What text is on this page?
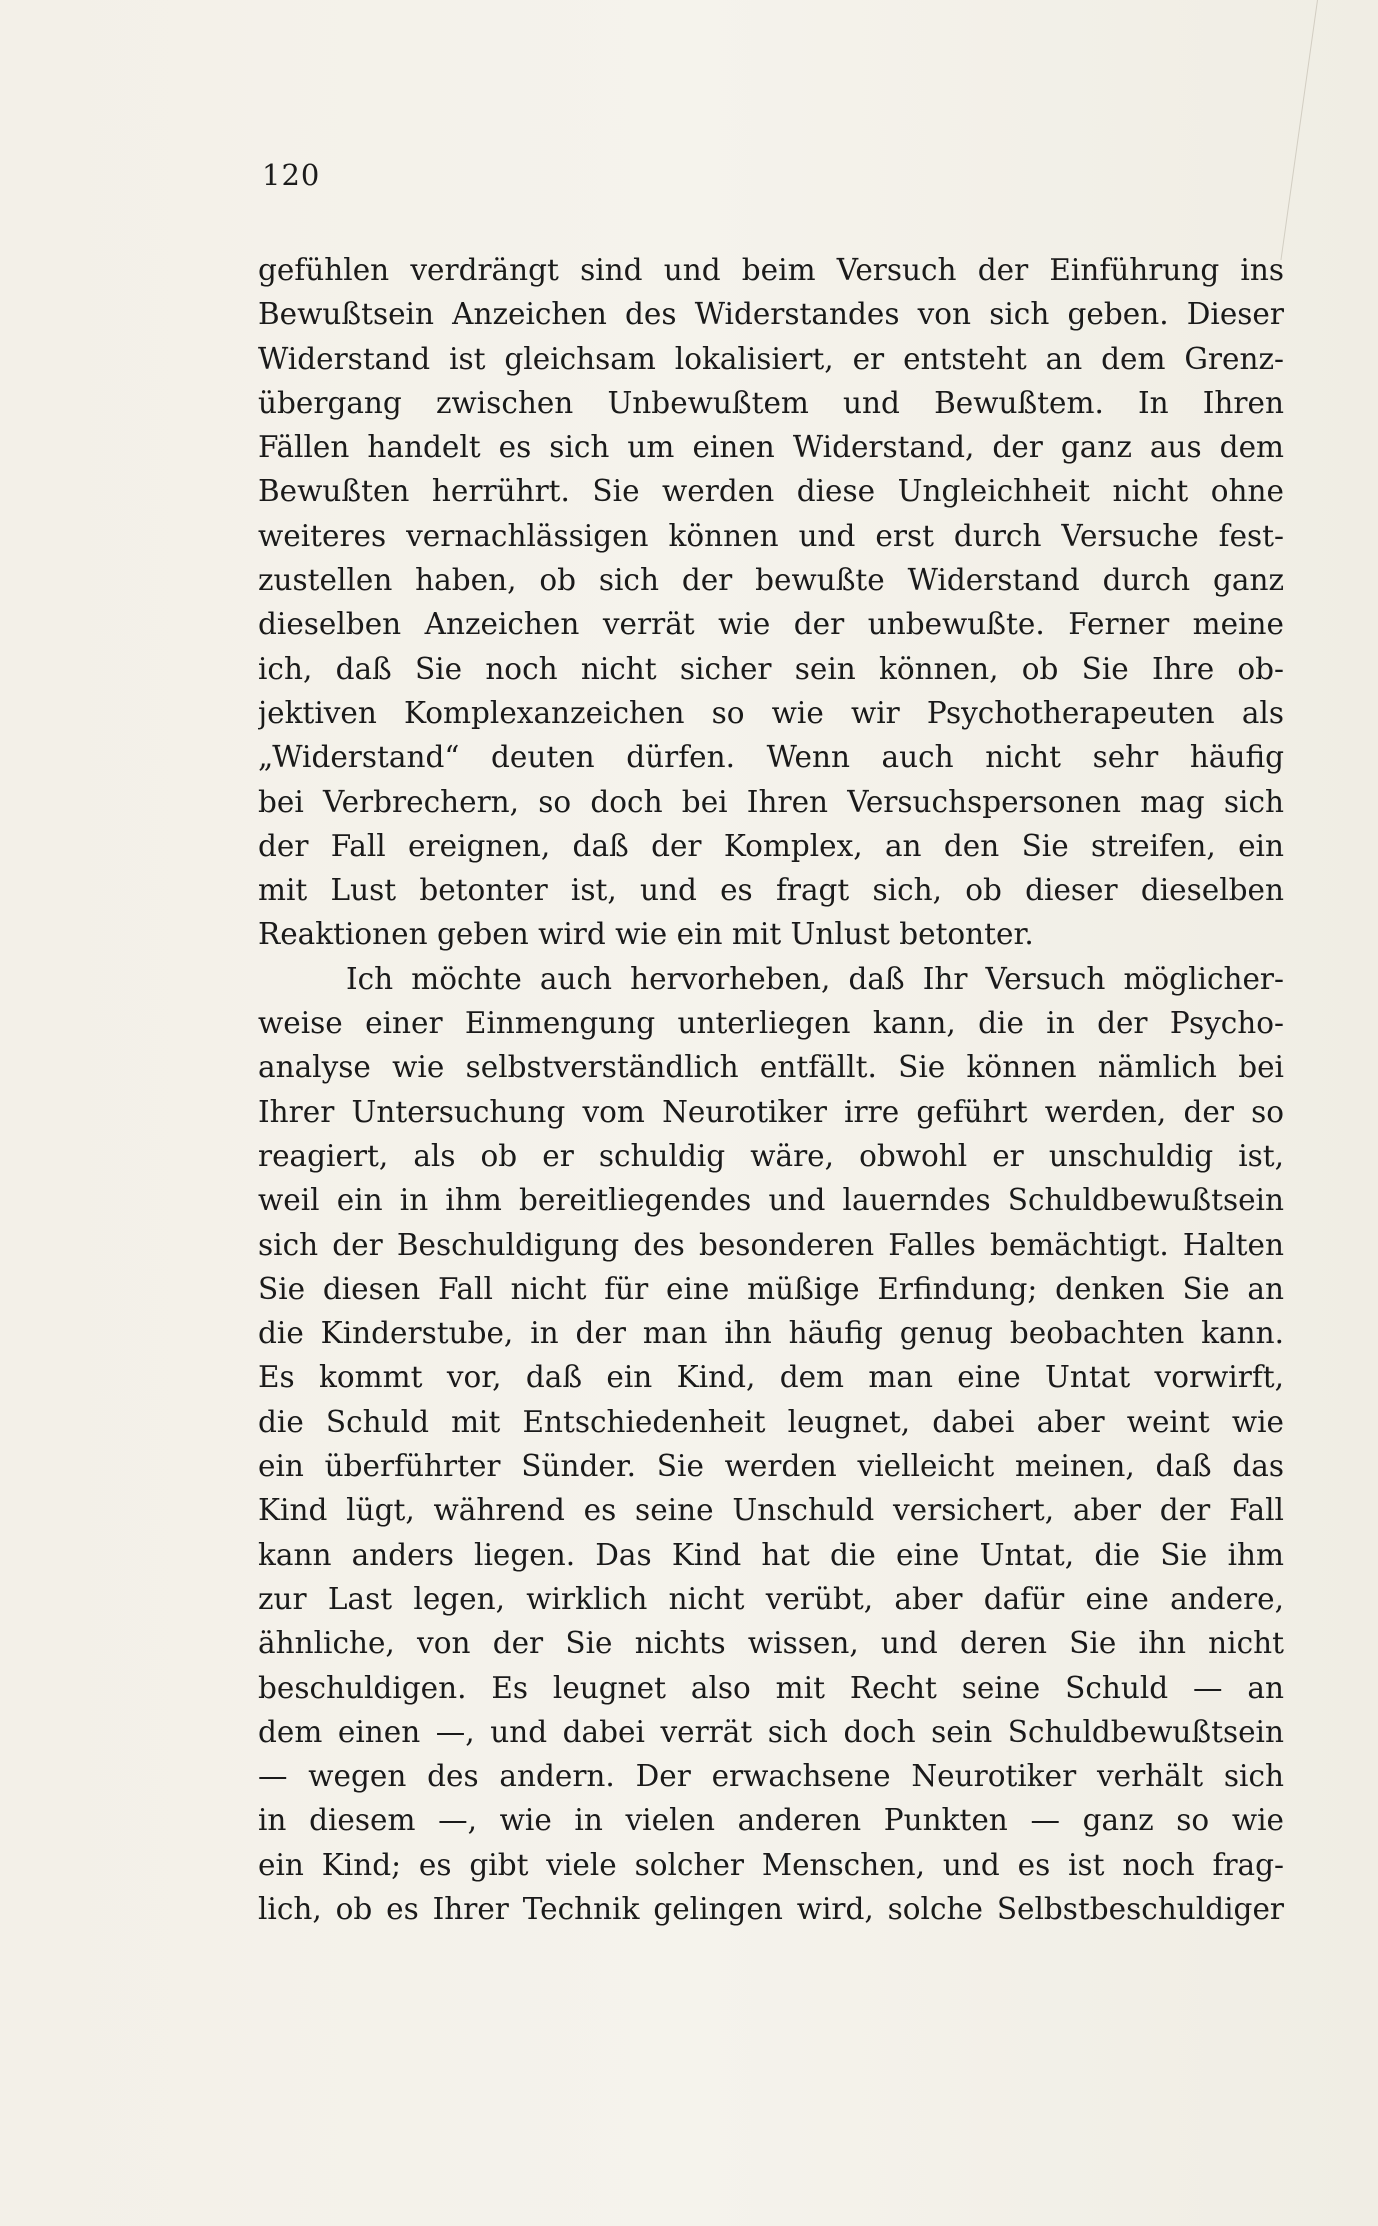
120
gefühlen verdrängt sind und beim Versuch der Einführung ins
Bewußtsein Anzeichen des Widerstandes von sich geben. Dieser
Widerstand ist gleichsam lokalisiert, er entsteht an dem Grenz-
übergang zwischen Unbewußtem und Bewußtem. In Ihren
Fällen handelt es sich um einen Widerstand, der ganz aus dem
Bewußten herrührt. Sie werden diese Ungleichheit nicht ohne
weiteres vernachlässigen können und erst durch Versuche fest-
zustellen haben, ob sich der bewußte Widerstand durch ganz
dieselben Anzeichen verrät wie der unbewußte. Ferner meine
ich, daß Sie noch nicht sicher sein können, ob Sie Ihre ob-
jektiven Komplexanzeichen so wie wir Psychotherapeuten als
„Widerstand“ deuten dürfen. Wenn auch nicht sehr häufig
bei Verbrechern, so doch bei Ihren Versuchspersonen mag sich
der Fall ereignen, daß der Komplex, an den Sie streifen, ein
mit Lust betonter ist, und es fragt sich, ob dieser dieselben
Reaktionen geben wird wie ein mit Unlust betonter.
Ich möchte auch hervorheben, daß Ihr Versuch möglicher-
weise einer Einmengung unterliegen kann, die in der Psycho-
analyse wie selbstverständlich entfällt. Sie können nämlich bei
Ihrer Untersuchung vom Neurotiker irre geführt werden, der so
reagiert, als ob er schuldig wäre, obwohl er unschuldig ist,
weil ein in ihm bereitliegendes und lauerndes Schuldbewußtsein
sich der Beschuldigung des besonderen Falles bemächtigt. Halten
Sie diesen Fall nicht für eine müßige Erfindung; denken Sie an
die Kinderstube, in der man ihn häufig genug beobachten kann.
Es kommt vor, daß ein Kind, dem man eine Untat vorwirft,
die Schuld mit Entschiedenheit leugnet, dabei aber weint wie
ein überführter Sünder. Sie werden vielleicht meinen, daß das
Kind lügt, während es seine Unschuld versichert, aber der Fall
kann anders liegen. Das Kind hat die eine Untat, die Sie ihm
zur Last legen, wirklich nicht verübt, aber dafür eine andere,
ähnliche, von der Sie nichts wissen, und deren Sie ihn nicht
beschuldigen. Es leugnet also mit Recht seine Schuld — an
dem einen —, und dabei verrät sich doch sein Schuldbewußtsein
— wegen des andern. Der erwachsene Neurotiker verhält sich
in diesem —, wie in vielen anderen Punkten — ganz so wie
ein Kind; es gibt viele solcher Menschen, und es ist noch frag-
lich, ob es Ihrer Technik gelingen wird, solche Selbstbeschuldiger
